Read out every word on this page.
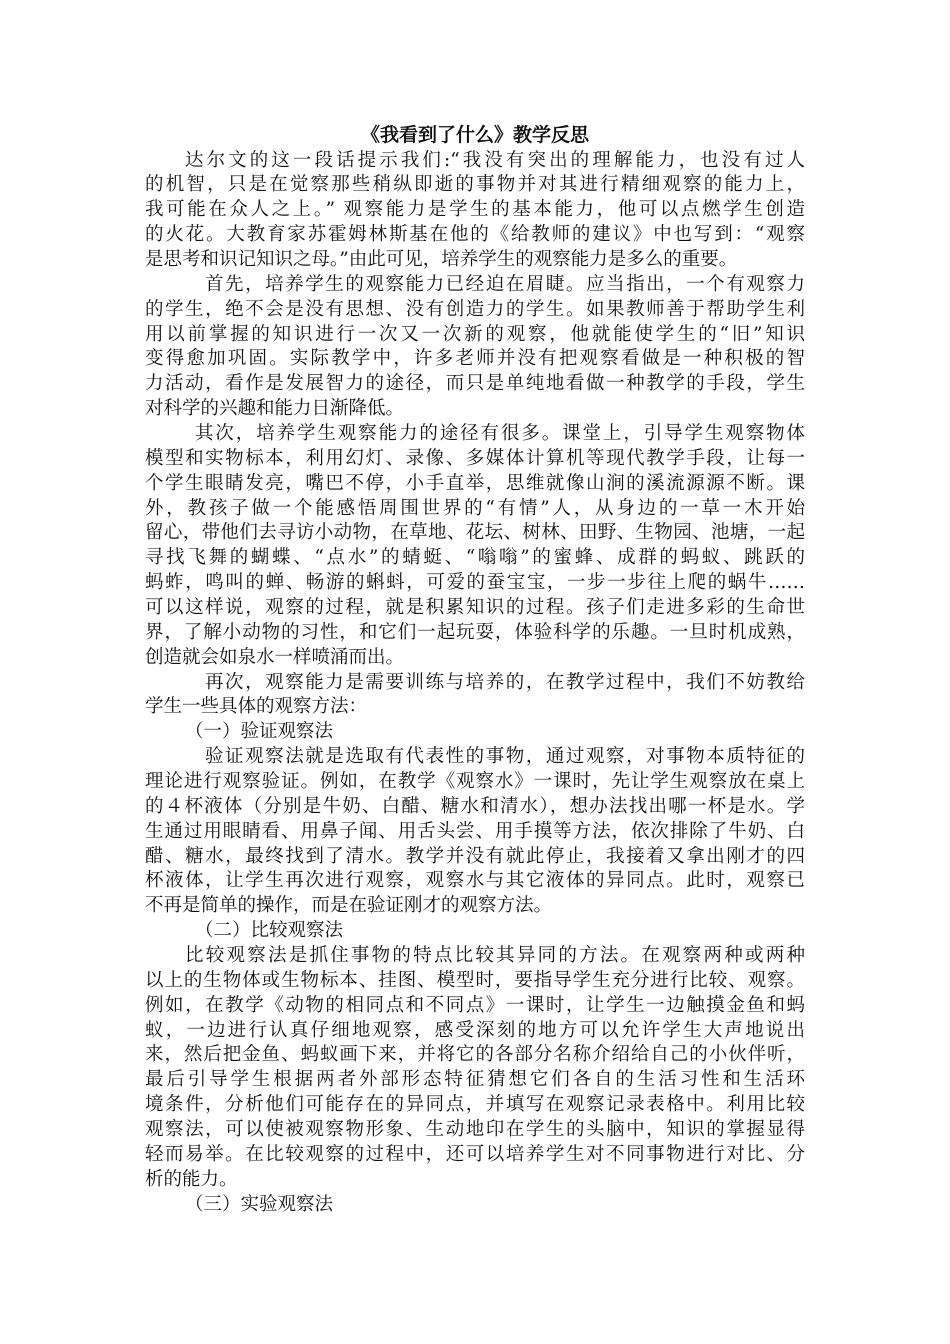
《我看到了什么》教学反思
达尔文的这一段话提示我们:“我没有突出的理解能力，也没有过人
的机智，只是在觉察那些稍纵即逝的事物并对其进行精细观察的能力上，
我可能在众人之上。” 观察能力是学生的基本能力，他可以点燃学生创造
的火花。大教育家苏霍姆林斯基在他的《给教师的建议》中也写到：“观察
是思考和识记知识之母。”由此可见，培养学生的观察能力是多么的重要。
首先，培养学生的观察能力已经迫在眉睫。应当指出，一个有观察力
的学生，绝不会是没有思想、没有创造力的学生。如果教师善于帮助学生利
用以前掌握的知识进行一次又一次新的观察，他就能使学生的“旧”知识
变得愈加巩固。实际教学中，许多老师并没有把观察看做是一种积极的智
力活动，看作是发展智力的途径，而只是单纯地看做一种教学的手段，学生
对科学的兴趣和能力日渐降低。
其次，培养学生观察能力的途径有很多。课堂上，引导学生观察物体
模型和实物标本，利用幻灯、录像、多媒体计算机等现代教学手段，让每一
个学生眼睛发亮，嘴巴不停，小手直举，思维就像山涧的溪流源源不断。课
外，教孩子做一个能感悟周围世界的“有情”人，从身边的一草一木开始
留心，带他们去寻访小动物，在草地、花坛、树林、田野、生物园、池塘，一起
寻找飞舞的蝴蝶、“点水”的蜻蜓、“嗡嗡”的蜜蜂、成群的蚂蚁、跳跃的
蚂蚱，鸣叫的蝉、畅游的蝌蚪，可爱的蚕宝宝，一步一步往上爬的蜗牛……
可以这样说，观察的过程，就是积累知识的过程。孩子们走进多彩的生命世
界，了解小动物的习性，和它们一起玩耍，体验科学的乐趣。一旦时机成熟，
创造就会如泉水一样喷涌而出。
再次，观察能力是需要训练与培养的，在教学过程中，我们不妨教给
学生一些具体的观察方法：
（一）验证观察法
验证观察法就是选取有代表性的事物，通过观察，对事物本质特征的
理论进行观察验证。例如，在教学《观察水》一课时，先让学生观察放在桌上
的４杯液体（分别是牛奶、白醋、糖水和清水），想办法找出哪一杯是水。学
生通过用眼睛看、用鼻子闻、用舌头尝、用手摸等方法，依次排除了牛奶、白
醋、糖水，最终找到了清水。教学并没有就此停止，我接着又拿出刚才的四
杯液体，让学生再次进行观察，观察水与其它液体的异同点。此时，观察已
不再是简单的操作，而是在验证刚才的观察方法。
（二）比较观察法
比较观察法是抓住事物的特点比较其异同的方法。在观察两种或两种
以上的生物体或生物标本、挂图、模型时，要指导学生充分进行比较、观察。
例如，在教学《动物的相同点和不同点》一课时，让学生一边触摸金鱼和蚂
蚁，一边进行认真仔细地观察，感受深刻的地方可以允许学生大声地说出
来，然后把金鱼、蚂蚁画下来，并将它的各部分名称介绍给自己的小伙伴听，
最后引导学生根据两者外部形态特征猜想它们各自的生活习性和生活环
境条件，分析他们可能存在的异同点，并填写在观察记录表格中。利用比较
观察法，可以使被观察物形象、生动地印在学生的头脑中，知识的掌握显得
轻而易举。在比较观察的过程中，还可以培养学生对不同事物进行对比、分
析的能力。
（三）实验观察法
